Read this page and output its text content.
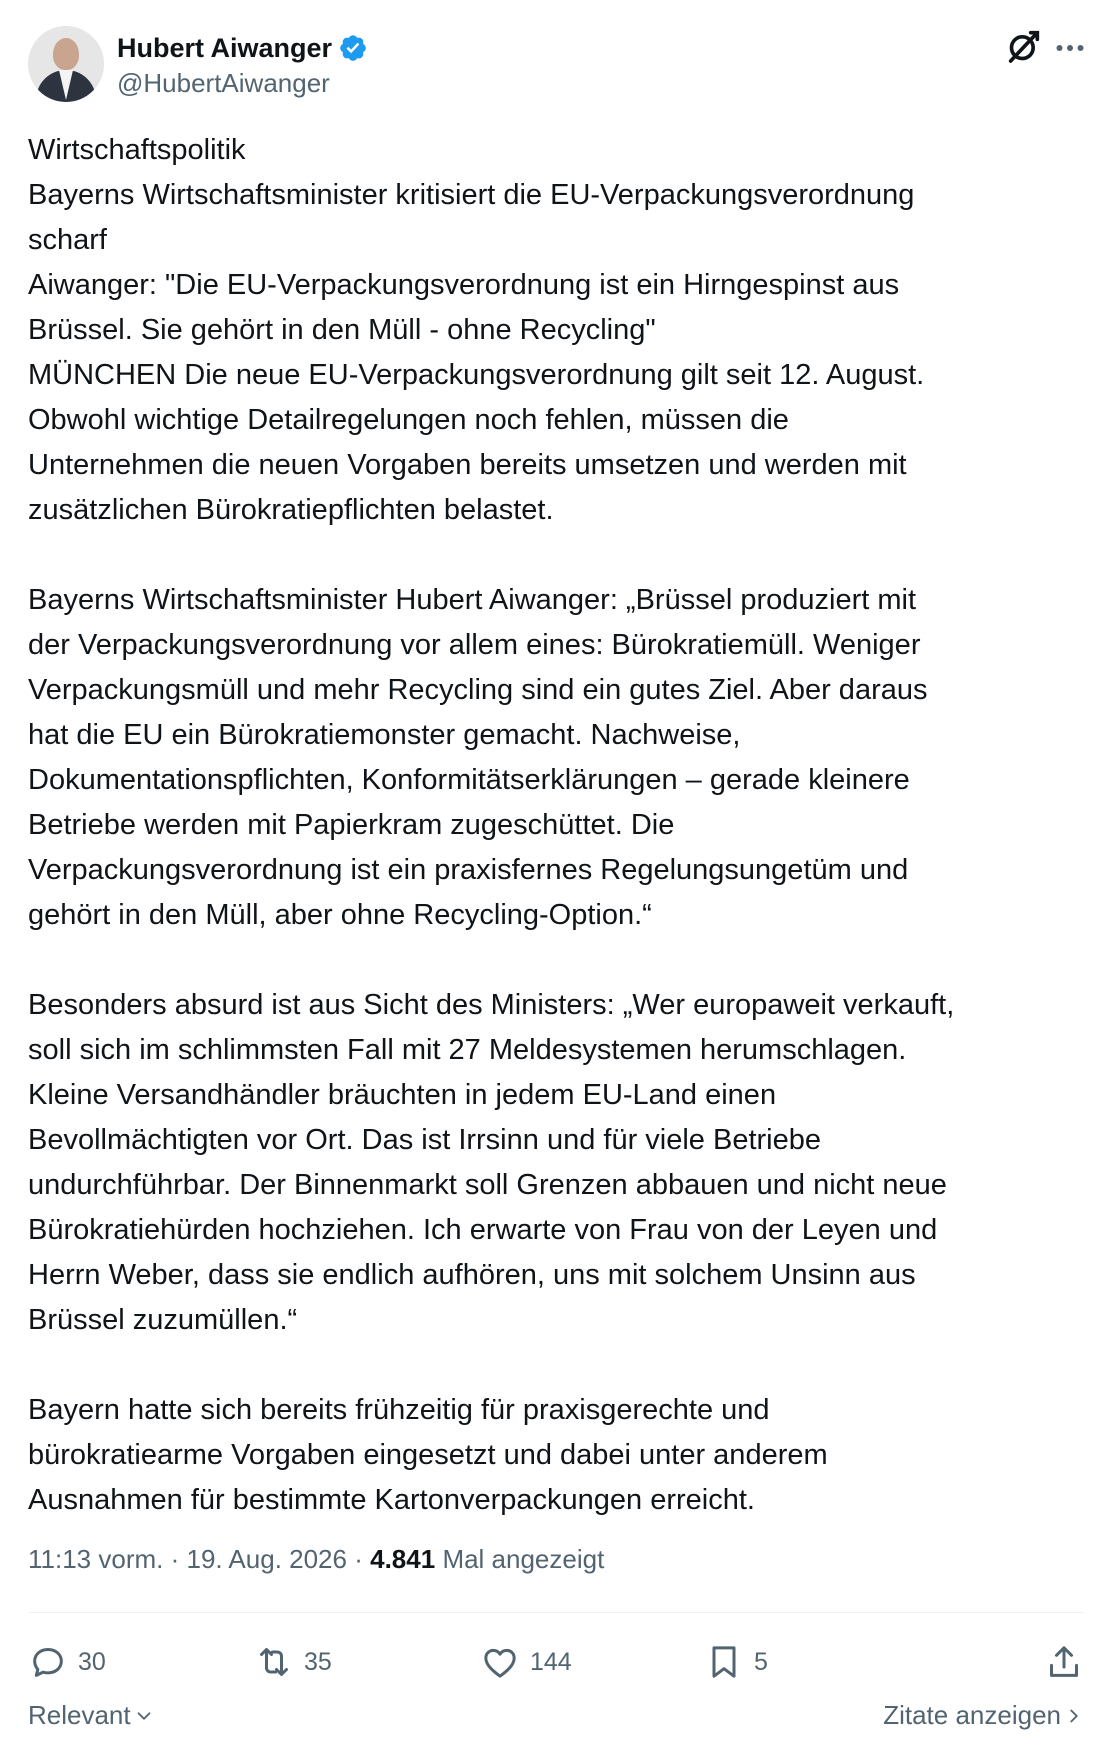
Hubert Aiwanger
@HubertAiwanger
Wirtschaftspolitik
Bayerns Wirtschaftsminister kritisiert die EU-Verpackungsverordnung
scharf
Aiwanger: "Die EU-Verpackungsverordnung ist ein Hirngespinst aus
Brüssel. Sie gehört in den Müll - ohne Recycling"
MÜNCHEN Die neue EU-Verpackungsverordnung gilt seit 12. August.
Obwohl wichtige Detailregelungen noch fehlen, müssen die
Unternehmen die neuen Vorgaben bereits umsetzen und werden mit
zusätzlichen Bürokratiepflichten belastet.

Bayerns Wirtschaftsminister Hubert Aiwanger: „Brüssel produziert mit
der Verpackungsverordnung vor allem eines: Bürokratiemüll. Weniger
Verpackungsmüll und mehr Recycling sind ein gutes Ziel. Aber daraus
hat die EU ein Bürokratiemonster gemacht. Nachweise,
Dokumentationspflichten, Konformitätserklärungen – gerade kleinere
Betriebe werden mit Papierkram zugeschüttet. Die
Verpackungsverordnung ist ein praxisfernes Regelungsungetüm und
gehört in den Müll, aber ohne Recycling-Option.“

Besonders absurd ist aus Sicht des Ministers: „Wer europaweit verkauft,
soll sich im schlimmsten Fall mit 27 Meldesystemen herumschlagen.
Kleine Versandhändler bräuchten in jedem EU-Land einen
Bevollmächtigten vor Ort. Das ist Irrsinn und für viele Betriebe
undurchführbar. Der Binnenmarkt soll Grenzen abbauen und nicht neue
Bürokratiehürden hochziehen. Ich erwarte von Frau von der Leyen und
Herrn Weber, dass sie endlich aufhören, uns mit solchem Unsinn aus
Brüssel zuzumüllen.“

Bayern hatte sich bereits frühzeitig für praxisgerechte und
bürokratiearme Vorgaben eingesetzt und dabei unter anderem
Ausnahmen für bestimmte Kartonverpackungen erreicht.
11:13 vorm. · 19. Aug. 2026 · 4.841 Mal angezeigt
30	35	144	5
Relevant	Zitate anzeigen
